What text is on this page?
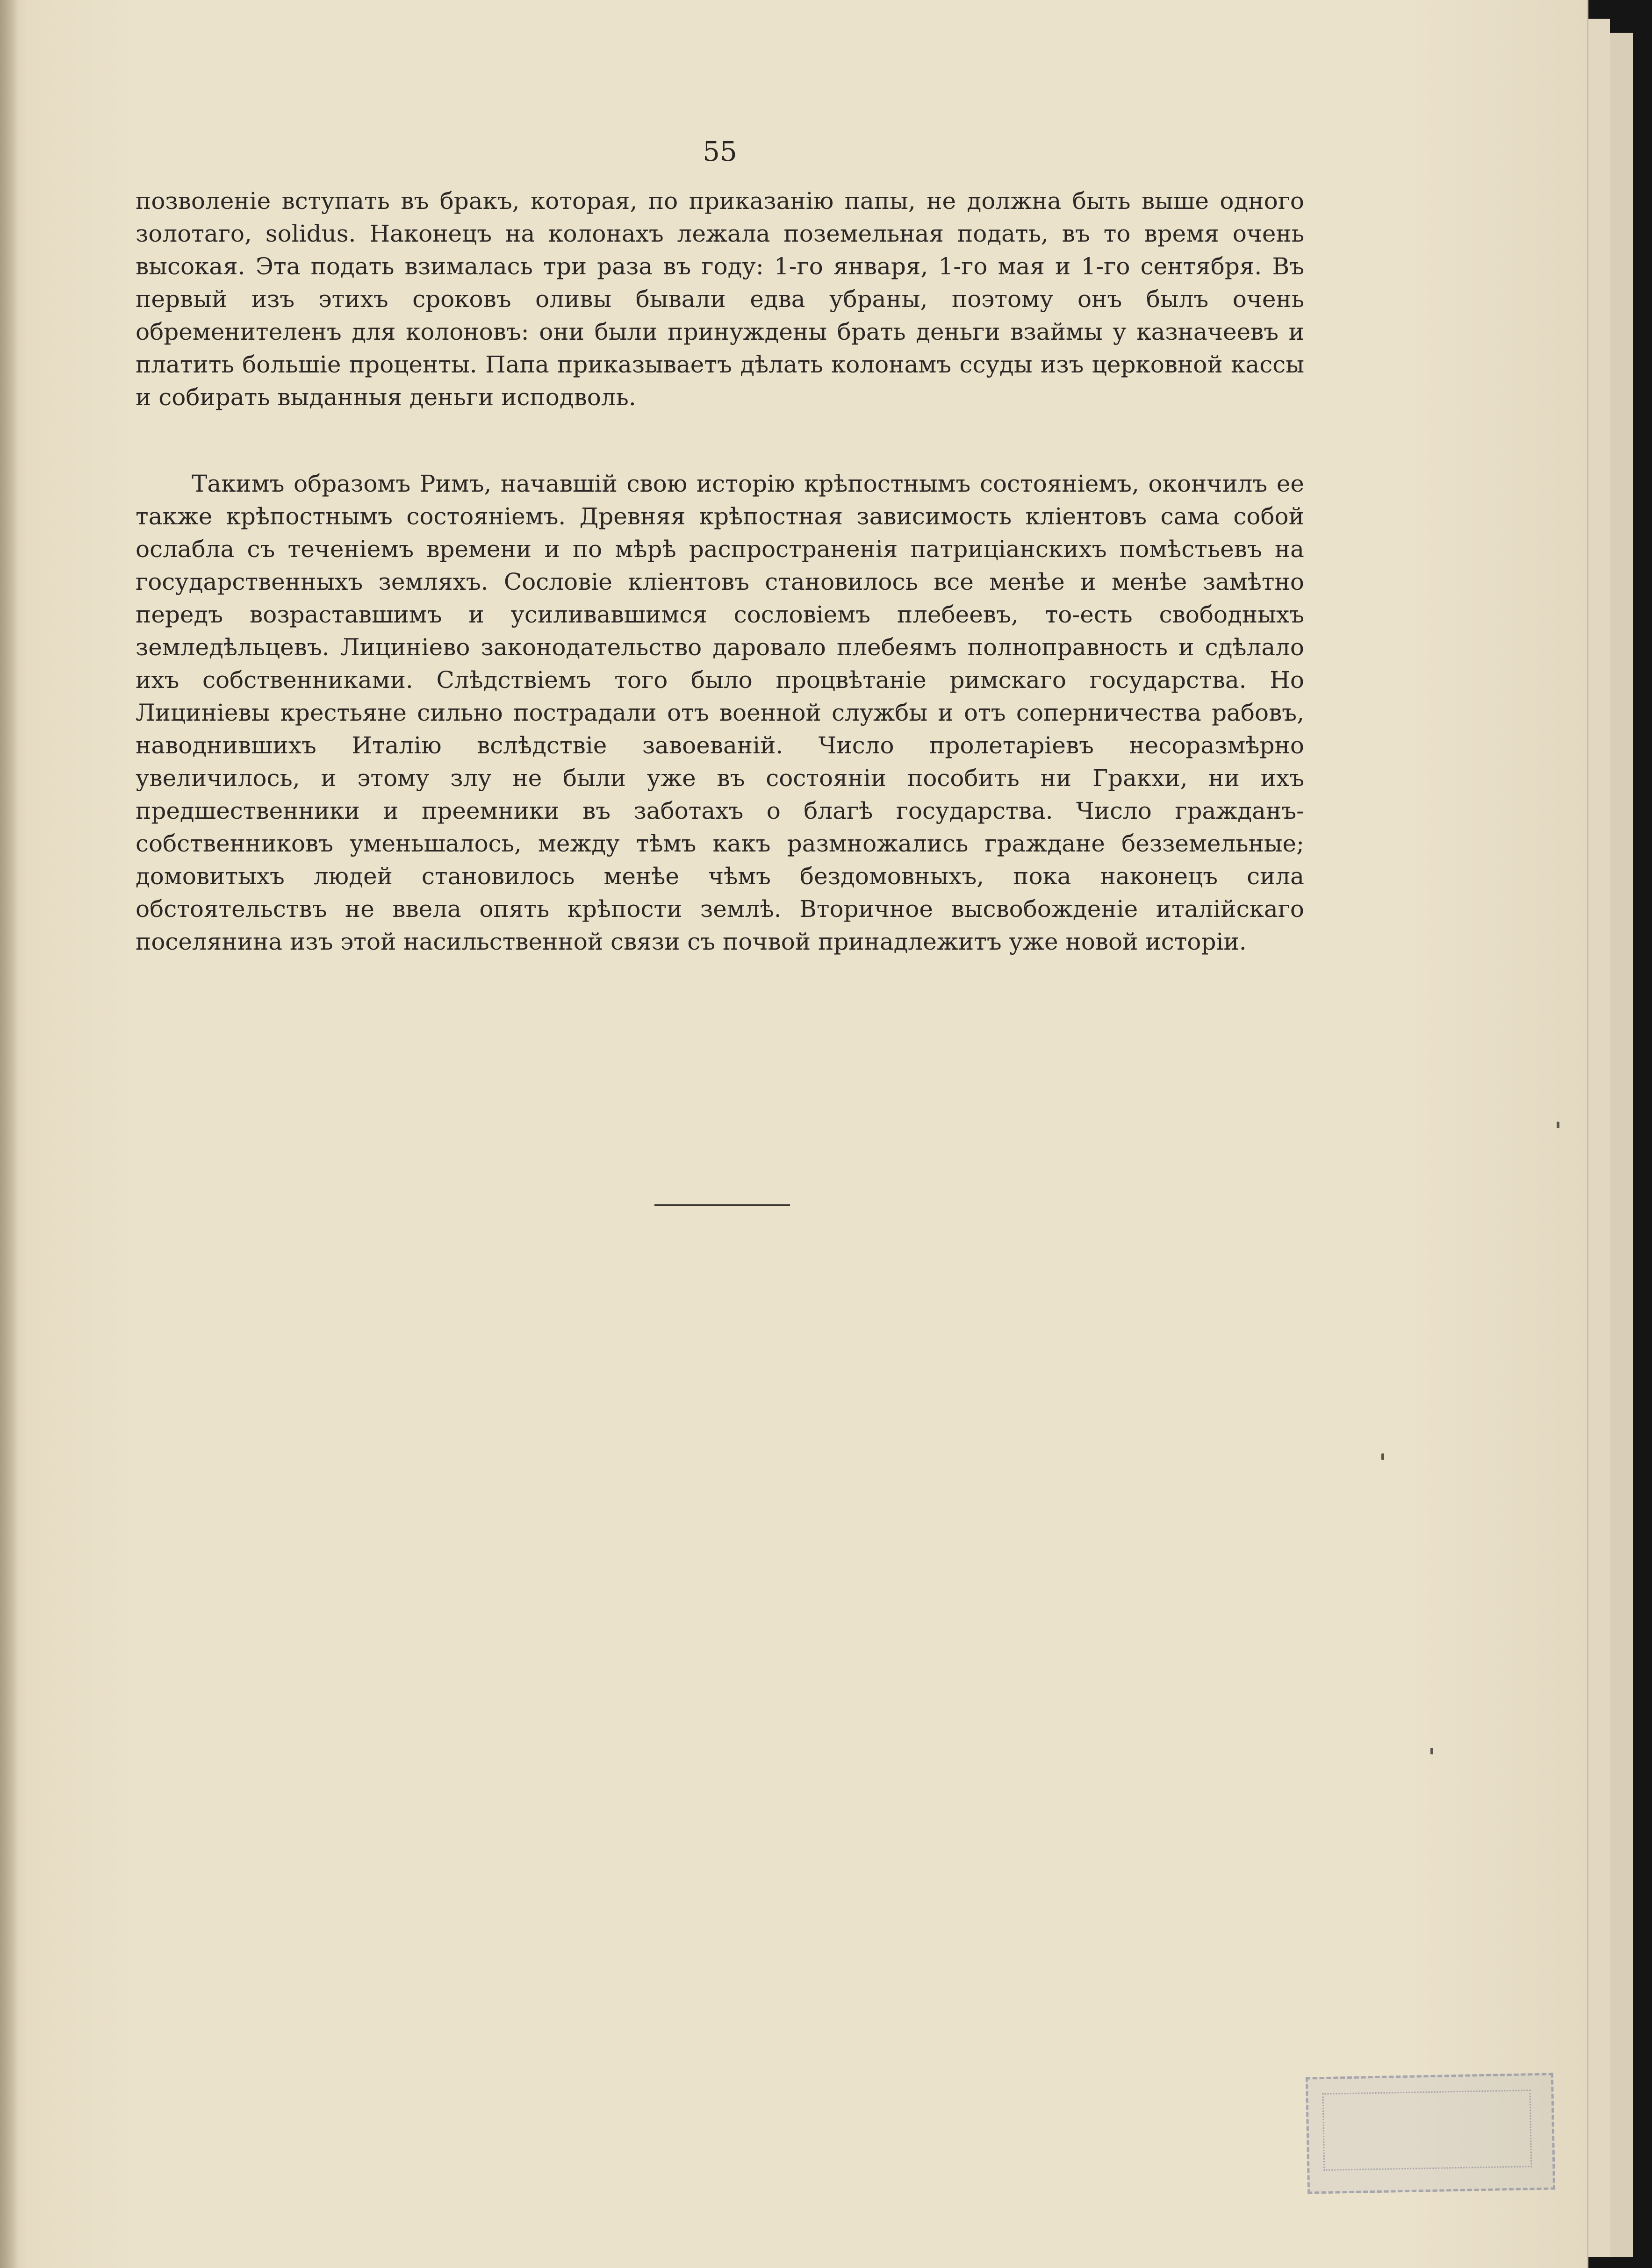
55

позволеніе вступать въ бракъ, которая, по приказанію папы, не должна быть выше одного золотаго, solidus. Наконецъ на колонахъ лежала поземельная подать, въ то время очень высокая. Эта подать взималась три раза въ году: 1-го января, 1-го мая и 1-го сентября. Въ первый изъ этихъ сроковъ оливы бывали едва убраны, поэтому онъ былъ очень обременителенъ для колоновъ: они были принуждены брать деньги взаймы у казначеевъ и платить большіе проценты. Папа приказываетъ дѣлать колонамъ ссуды изъ церковной кассы и собирать выданныя деньги исподволь.

Такимъ образомъ Римъ, начавшій свою исторію крѣпостнымъ состояніемъ, окончилъ ее также крѣпостнымъ состояніемъ. Древняя крѣпостная зависимость клiентовъ сама собой ослабла съ теченіемъ времени и по мѣрѣ распространенія патриціанскихъ помѣстьевъ на государственныхъ земляхъ. Сословіе клiентовъ становилось все менѣе и менѣе замѣтно передъ возраставшимъ и усиливавшимся сословіемъ плебеевъ, то-есть свободныхъ земледѣльцевъ. Лициніево законодательство даровало плебеямъ полноправность и сдѣлало ихъ собственниками. Слѣдствіемъ того было процвѣтаніе римскаго государства. Но Лициніевы крестьяне сильно пострадали отъ военной службы и отъ соперничества рабовъ, наводнившихъ Италію вслѣдствіе завоеваній. Число пролетаріевъ несоразмѣрно увеличилось, и этому злу не были уже въ состояніи пособить ни Гракхи, ни ихъ предшественники и преемники въ заботахъ о благѣ государства. Число гражданъ-собственниковъ уменьшалось, между тѣмъ какъ размножались граждане безземельные; домовитыхъ людей становилось менѣе чѣмъ бездомовныхъ, пока наконецъ сила обстоятельствъ не ввела опять крѣпости землѣ. Вторичное высвобожденіе италійскаго поселянина изъ этой насильственной связи съ почвой принадлежитъ уже новой исторіи.
